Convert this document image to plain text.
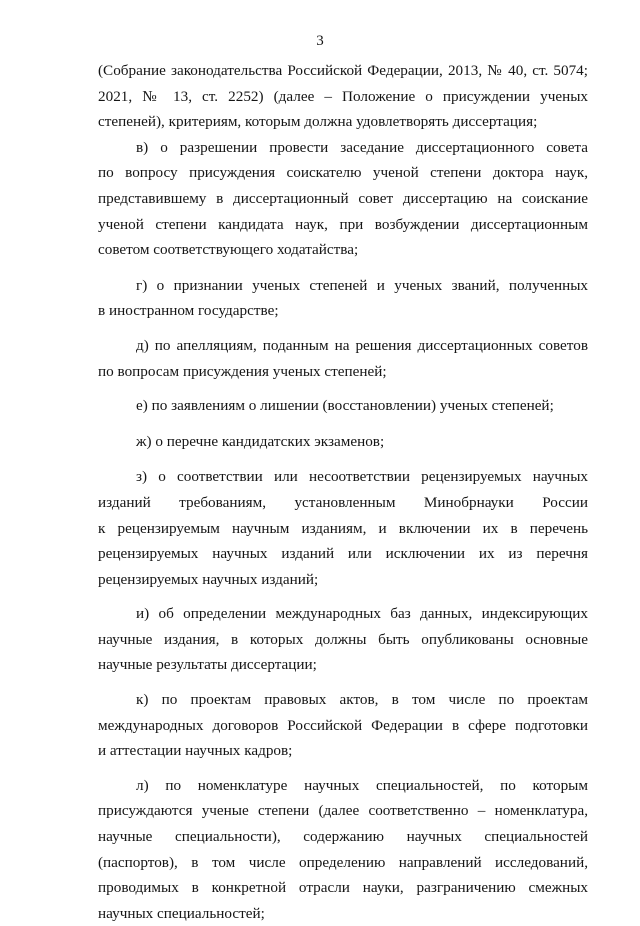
3
(Собрание законодательства Российской Федерации, 2013, № 40, ст. 5074;
2021, № 13, ст. 2252) (далее – Положение о присуждении ученых
степеней), критериям, которым должна удовлетворять диссертация;
в) о разрешении провести заседание диссертационного совета
по вопросу присуждения соискателю ученой степени доктора наук,
представившему в диссертационный совет диссертацию на соискание
ученой степени кандидата наук, при возбуждении диссертационным
советом соответствующего ходатайства;
г) о признании ученых степеней и ученых званий, полученных
в иностранном государстве;
д) по апелляциям, поданным на решения диссертационных советов
по вопросам присуждения ученых степеней;
е) по заявлениям о лишении (восстановлении) ученых степеней;
ж) о перечне кандидатских экзаменов;
з) о соответствии или несоответствии рецензируемых научных
изданий требованиям, установленным Минобрнауки России
к рецензируемым научным изданиям, и включении их в перечень
рецензируемых научных изданий или исключении их из перечня
рецензируемых научных изданий;
и) об определении международных баз данных, индексирующих
научные издания, в которых должны быть опубликованы основные
научные результаты диссертации;
к) по проектам правовых актов, в том числе по проектам
международных договоров Российской Федерации в сфере подготовки
и аттестации научных кадров;
л) по номенклатуре научных специальностей, по которым
присуждаются ученые степени (далее соответственно – номенклатура,
научные специальности), содержанию научных специальностей
(паспортов), в том числе определению направлений исследований,
проводимых в конкретной отрасли науки, разграничению смежных
научных специальностей;
